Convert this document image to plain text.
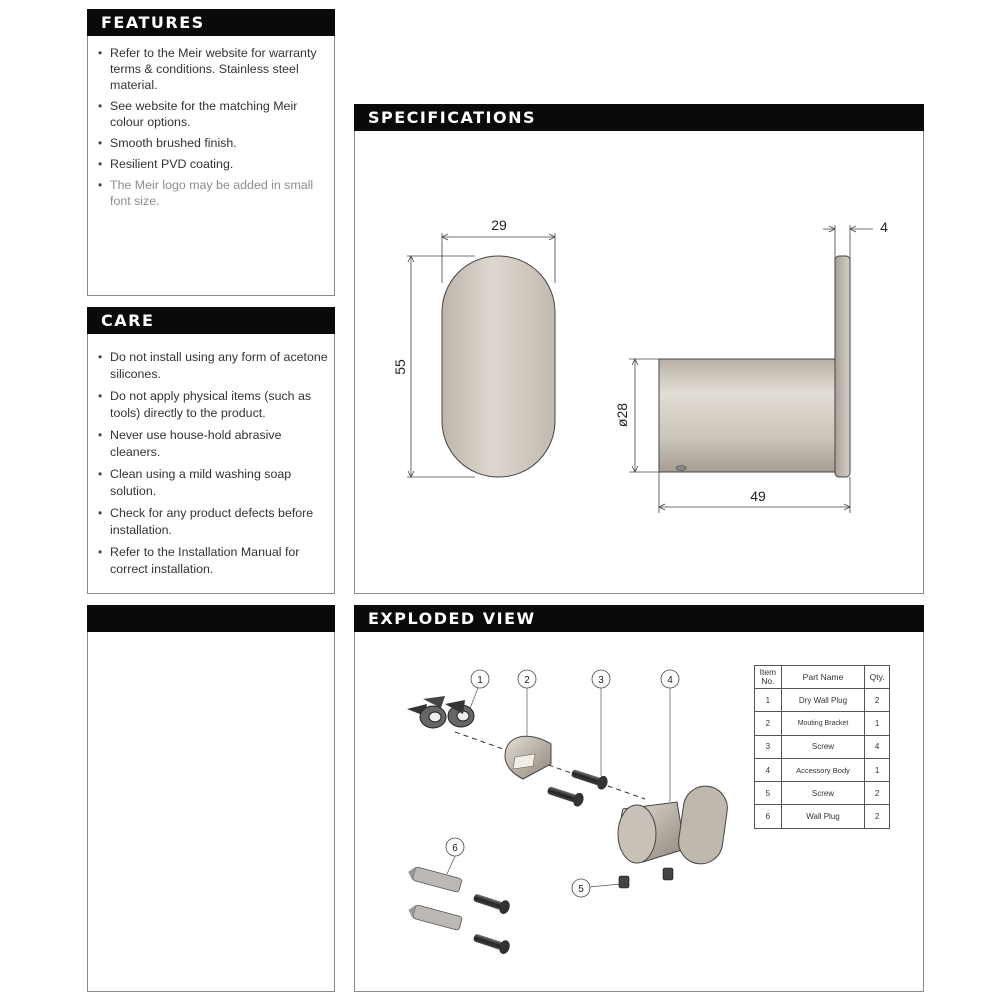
FEATURES
• Refer to the Meir website for warranty terms & conditions. Stainless steel material.
• See website for the matching Meir colour options.
• Smooth brushed finish.
• Resilient PVD coating.
• The Meir logo may be added in small font size.
CARE
• Do not install using any form of acetone silicones.
• Do not apply physical items (such as tools) directly to the product.
• Never use house-hold abrasive cleaners.
• Clean using a mild washing soap solution.
• Check for any product defects before installation.
• Refer to the Installation Manual for correct installation.
SPECIFICATIONS
29
55
4
ø28
49
EXPLODED VIEW
1	2	3	4
5
6
Item No.	Part Name	Qty.
1	Dry Wall Plug	2
2	Mouting Bracket	1
3	Screw	4
4	Accessory Body	1
5	Screw	2
6	Wall Plug	2
